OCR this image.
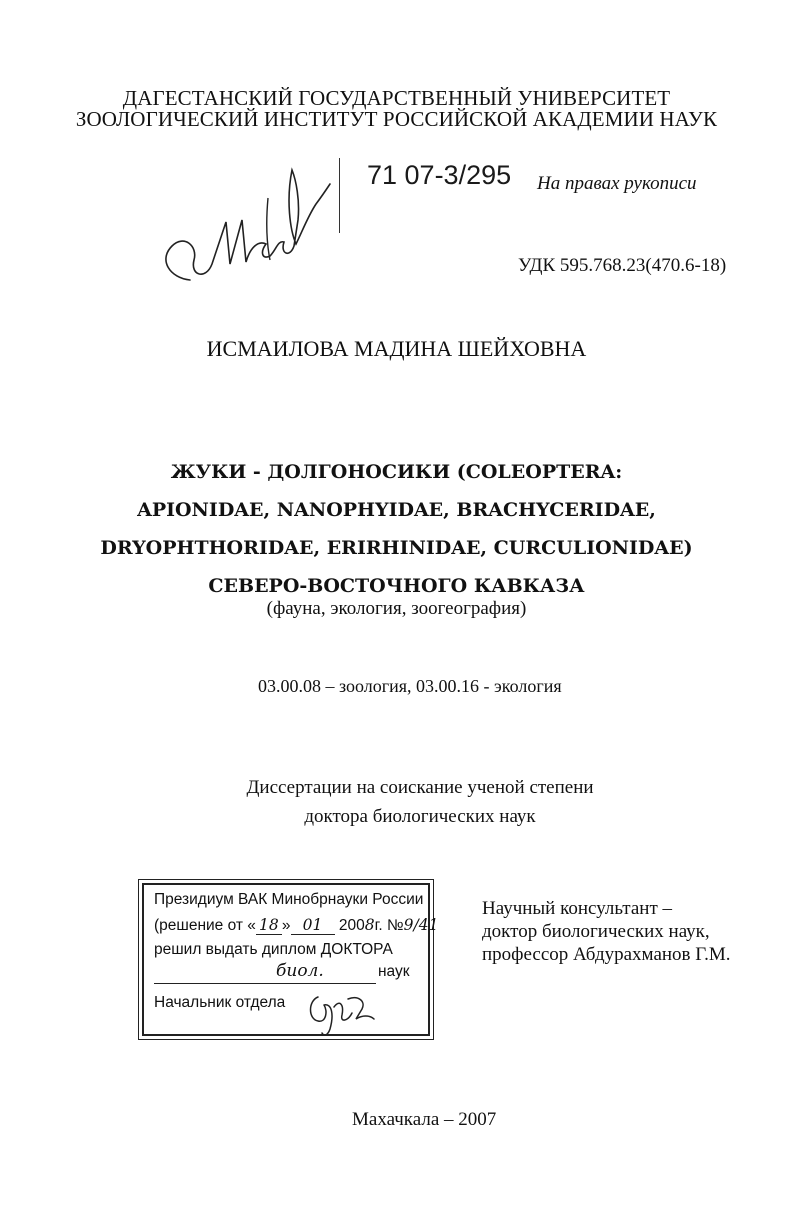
ДАГЕСТАНСКИЙ ГОСУДАРСТВЕННЫЙ УНИВЕРСИТЕТ
ЗООЛОГИЧЕСКИЙ ИНСТИТУТ РОССИЙСКОЙ АКАДЕМИИ НАУК
71 07-3/295 На правах рукописи
УДК 595.768.23(470.6-18)
ИСМАИЛОВА МАДИНА ШЕЙХОВНА
ЖУКИ - ДОЛГОНОСИКИ (COLEOPTERA:
APIONIDAE, NANOPHYIDAE, BRACHYCERIDAE,
DRYOPHTHORIDAE, ERIRHINIDAE, CURCULIONIDAE)
СЕВЕРО-ВОСТОЧНОГО КАВКАЗА
(фауна, экология, зоогеография)
03.00.08 – зоология, 03.00.16 - экология
Диссертации на соискание ученой степени
доктора биологических наук
Президиум ВАК Минобрнауки России
(решение от « 18 » 01 2008г. №9/41
решил выдать диплом ДОКТОРА
биол.	наук
Начальник отдела
Научный консультант –
доктор биологических наук,
профессор Абдурахманов Г.М.
Махачкала – 2007
